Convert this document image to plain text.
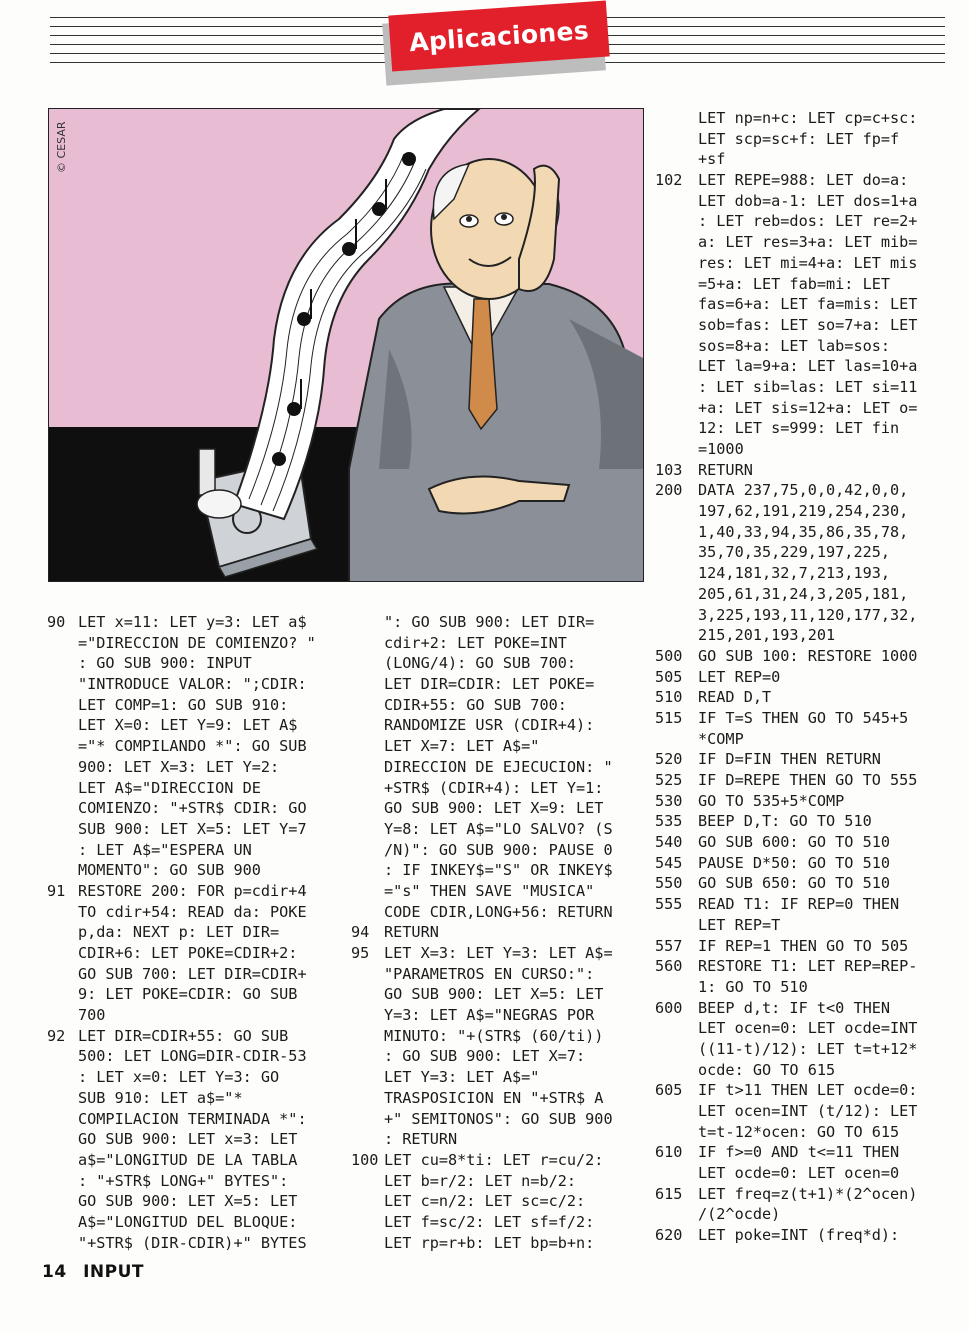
Aplicaciones
© CESAR
90 LET x=11: LET y=3: LET a$
="DIRECCION DE COMIENZO? "
: GO SUB 900: INPUT
"INTRODUCE VALOR: ";CDIR:
LET COMP=1: GO SUB 910:
LET X=0: LET Y=9: LET A$
="* COMPILANDO *": GO SUB
900: LET X=3: LET Y=2:
LET A$="DIRECCION DE
COMIENZO: "+STR$ CDIR: GO
SUB 900: LET X=5: LET Y=7
: LET A$="ESPERA UN
MOMENTO": GO SUB 900
91 RESTORE 200: FOR p=cdir+4
TO cdir+54: READ da: POKE
p,da: NEXT p: LET DIR=
CDIR+6: LET POKE=CDIR+2:
GO SUB 700: LET DIR=CDIR+
9: LET POKE=CDIR: GO SUB
700
92 LET DIR=CDIR+55: GO SUB
500: LET LONG=DIR-CDIR-53
: LET x=0: LET Y=3: GO
SUB 910: LET a$="*
COMPILACION TERMINADA *":
GO SUB 900: LET x=3: LET
a$="LONGITUD DE LA TABLA
: "+STR$ LONG+" BYTES":
GO SUB 900: LET X=5: LET
A$="LONGITUD DEL BLOQUE:
"+STR$ (DIR-CDIR)+" BYTES
": GO SUB 900: LET DIR=
cdir+2: LET POKE=INT
(LONG/4): GO SUB 700:
LET DIR=CDIR: LET POKE=
CDIR+55: GO SUB 700:
RANDOMIZE USR (CDIR+4):
LET X=7: LET A$="
DIRECCION DE EJECUCION: "
+STR$ (CDIR+4): LET Y=1:
GO SUB 900: LET X=9: LET
Y=8: LET A$="LO SALVO? (S
/N)": GO SUB 900: PAUSE 0
: IF INKEY$="S" OR INKEY$
="s" THEN SAVE "MUSICA"
CODE CDIR,LONG+56: RETURN
94 RETURN
95 LET X=3: LET Y=3: LET A$=
"PARAMETROS EN CURSO:":
GO SUB 900: LET X=5: LET
Y=3: LET A$="NEGRAS POR
MINUTO: "+(STR$ (60/ti))
: GO SUB 900: LET X=7:
LET Y=3: LET A$="
TRASPOSICION EN "+STR$ A
+" SEMITONOS": GO SUB 900
: RETURN
100 LET cu=8*ti: LET r=cu/2:
LET b=r/2: LET n=b/2:
LET c=n/2: LET sc=c/2:
LET f=sc/2: LET sf=f/2:
LET rp=r+b: LET bp=b+n:
LET np=n+c: LET cp=c+sc:
LET scp=sc+f: LET fp=f
+sf
102 LET REPE=988: LET do=a:
LET dob=a-1: LET dos=1+a
: LET reb=dos: LET re=2+
a: LET res=3+a: LET mib=
res: LET mi=4+a: LET mis
=5+a: LET fab=mi: LET
fas=6+a: LET fa=mis: LET
sob=fas: LET so=7+a: LET
sos=8+a: LET lab=sos:
LET la=9+a: LET las=10+a
: LET sib=las: LET si=11
+a: LET sis=12+a: LET o=
12: LET s=999: LET fin
=1000
103 RETURN
200 DATA 237,75,0,0,42,0,0,
197,62,191,219,254,230,
1,40,33,94,35,86,35,78,
35,70,35,229,197,225,
124,181,32,7,213,193,
205,61,31,24,3,205,181,
3,225,193,11,120,177,32,
215,201,193,201
500 GO SUB 100: RESTORE 1000
505 LET REP=0
510 READ D,T
515 IF T=S THEN GO TO 545+5
*COMP
520 IF D=FIN THEN RETURN
525 IF D=REPE THEN GO TO 555
530 GO TO 535+5*COMP
535 BEEP D,T: GO TO 510
540 GO SUB 600: GO TO 510
545 PAUSE D*50: GO TO 510
550 GO SUB 650: GO TO 510
555 READ T1: IF REP=0 THEN
LET REP=T
557 IF REP=1 THEN GO TO 505
560 RESTORE T1: LET REP=REP-
1: GO TO 510
600 BEEP d,t: IF t<0 THEN
LET ocen=0: LET ocde=INT
((11-t)/12): LET t=t+12*
ocde: GO TO 615
605 IF t>11 THEN LET ocde=0:
LET ocen=INT (t/12): LET
t=t-12*ocen: GO TO 615
610 IF f>=0 AND t<=11 THEN
LET ocde=0: LET ocen=0
615 LET freq=z(t+1)*(2^ocen)
/(2^ocde)
620 LET poke=INT (freq*d):
14 INPUT
